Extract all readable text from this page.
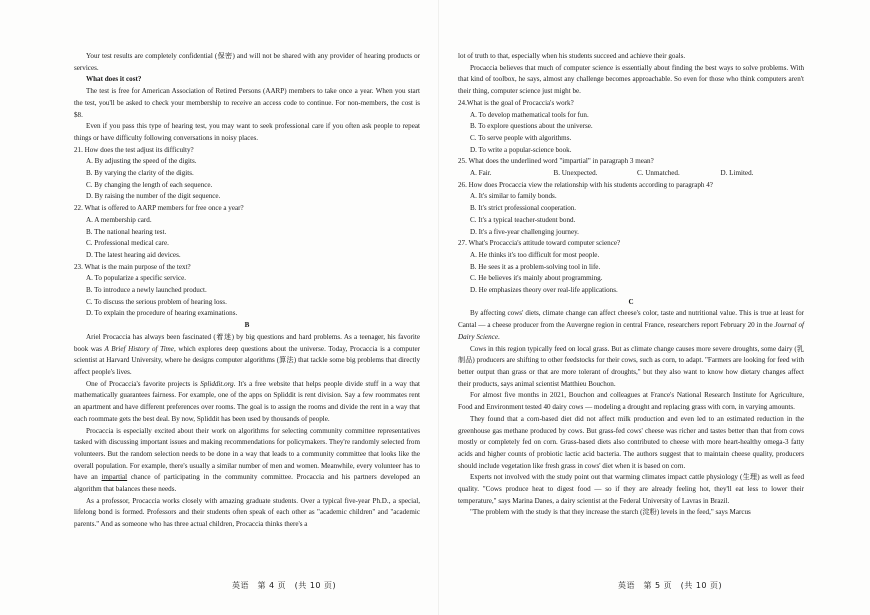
Your test results are completely confidential (保密) and will not be shared with any provider of hearing products or services.

What does it cost?

The test is free for American Association of Retired Persons (AARP) members to take once a year. When you start the test, you'll be asked to check your membership to receive an access code to continue. For non-members, the cost is $8.

Even if you pass this type of hearing test, you may want to seek professional care if you often ask people to repeat things or have difficulty following conversations in noisy places.

21. How does the test adjust its difficulty?

A. By adjusting the speed of the digits.

B. By varying the clarity of the digits.

C. By changing the length of each sequence.

D. By raising the number of the digit sequence.

22. What is offered to AARP members for free once a year?

A. A membership card.

B. The national hearing test.

C. Professional medical care.

D. The latest hearing aid devices.

23. What is the main purpose of the text?

A. To popularize a specific service.

B. To introduce a newly launched product.

C. To discuss the serious problem of hearing loss.

D. To explain the procedure of hearing examinations.

B

Ariel Procaccia has always been fascinated (着迷) by big questions and hard problems. As a teenager, his favorite book was A Brief History of Time, which explores deep questions about the universe. Today, Procaccia is a computer scientist at Harvard University, where he designs computer algorithms (算法) that tackle some big problems that directly affect people's lives.

One of Procaccia's favorite projects is Spliddit.org. It's a free website that helps people divide stuff in a way that mathematically guarantees fairness. For example, one of the apps on Spliddit is rent division. Say a few roommates rent an apartment and have different preferences over rooms. The goal is to assign the rooms and divide the rent in a way that each roommate gets the best deal. By now, Spliddit has been used by thousands of people.

Procaccia is especially excited about their work on algorithms for selecting community committee representatives tasked with discussing important issues and making recommendations for policymakers. They're randomly selected from volunteers. But the random selection needs to be done in a way that leads to a community committee that looks like the overall population. For example, there's usually a similar number of men and women. Meanwhile, every volunteer has to have an impartial chance of participating in the community committee. Procaccia and his partners developed an algorithm that balances these needs.

As a professor, Procaccia works closely with amazing graduate students. Over a typical five-year Ph.D., a special, lifelong bond is formed. Professors and their students often speak of each other as "academic children" and "academic parents." And as someone who has three actual children, Procaccia thinks there's a

英语　第 4 页　(共 10 页)

lot of truth to that, especially when his students succeed and achieve their goals.

Procaccia believes that much of computer science is essentially about finding the best ways to solve problems. With that kind of toolbox, he says, almost any challenge becomes approachable. So even for those who think computers aren't their thing, computer science just might be.

24.What is the goal of Procaccia's work?

A. To develop mathematical tools for fun.

B. To explore questions about the universe.

C. To serve people with algorithms.

D. To write a popular-science book.

25. What does the underlined word "impartial" in paragraph 3 mean?

A. Fair.	B. Unexpected.	C. Unmatched.	D. Limited.

26. How does Procaccia view the relationship with his students according to paragraph 4?

A. It's similar to family bonds.

B. It's strict professional cooperation.

C. It's a typical teacher-student bond.

D. It's a five-year challenging journey.

27. What's Procaccia's attitude toward computer science?

A. He thinks it's too difficult for most people.

B. He sees it as a problem-solving tool in life.

C. He believes it's mainly about programming.

D. He emphasizes theory over real-life applications.

C

By affecting cows' diets, climate change can affect cheese's color, taste and nutritional value. This is true at least for Cantal — a cheese producer from the Auvergne region in central France, researchers report February 20 in the Journal of Dairy Science.

Cows in this region typically feed on local grass. But as climate change causes more severe droughts, some dairy (乳制品) producers are shifting to other feedstocks for their cows, such as corn, to adapt. "Farmers are looking for feed with better output than grass or that are more tolerant of droughts," but they also want to know how dietary changes affect their products, says animal scientist Matthieu Bouchon.

For almost five months in 2021, Bouchon and colleagues at France's National Research Institute for Agriculture, Food and Environment tested 40 dairy cows — modeling a drought and replacing grass with corn, in varying amounts.

They found that a corn-based diet did not affect milk production and even led to an estimated reduction in the greenhouse gas methane produced by cows. But grass-fed cows' cheese was richer and tastes better than that from cows mostly or completely fed on corn. Grass-based diets also contributed to cheese with more heart-healthy omega-3 fatty acids and higher counts of probiotic lactic acid bacteria. The authors suggest that to maintain cheese quality, producers should include vegetation like fresh grass in cows' diet when it is based on corn.

Experts not involved with the study point out that warming climates impact cattle physiology (生理) as well as feed quality. "Cows produce heat to digest food — so if they are already feeling hot, they'll eat less to lower their temperature," says Marina Danes, a dairy scientist at the Federal University of Lavras in Brazil.

"The problem with the study is that they increase the starch (淀粉) levels in the feed," says Marcus

英语　第 5 页　(共 10 页)
